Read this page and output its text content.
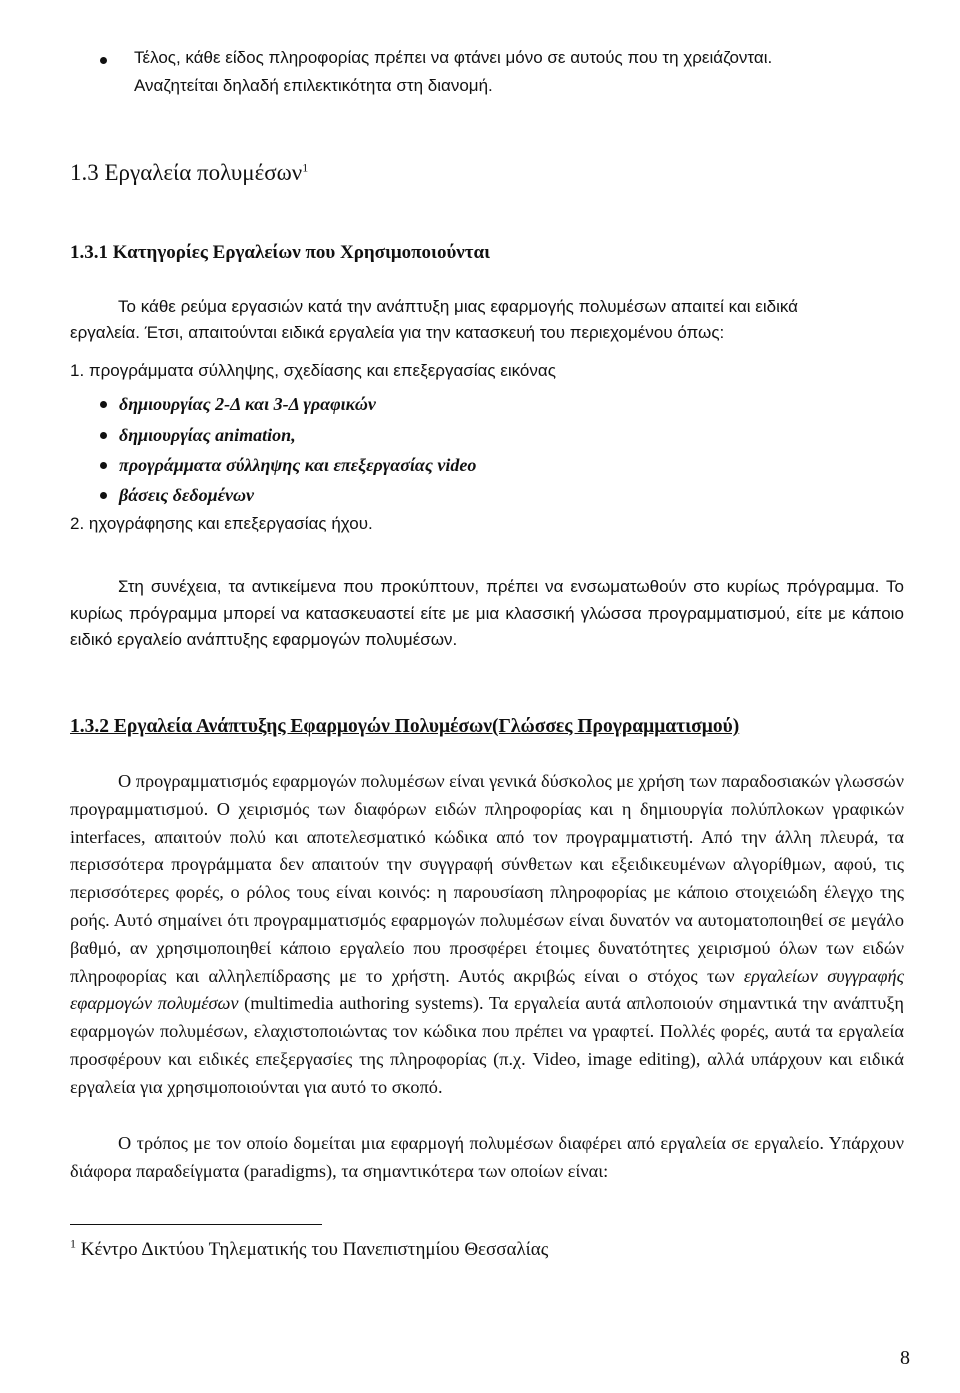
Τέλος, κάθε είδος πληροφορίας πρέπει να φτάνει μόνο σε αυτούς που τη χρειάζονται.

Αναζητείται δηλαδή επιλεκτικότητα στη διανομή.

1.3 Εργαλεία πολυμέσων$^1$
1.3.1 Κατηγορίες Εργαλείων που Χρησιμοποιούνται

Το κάθε ρεύμα εργασιών κατά την ανάπτυξη μιας εφαρμογής πολυμέσων απαιτεί και ειδικά

εργαλεία. Έτσι, απαιτούνται ειδικά εργαλεία για την κατασκευή του περιεχομένου όπως:

1. προγράμματα σύλληψης, σχεδίασης και επεξεργασίας εικόνας

δημιουργίας 2-Δ και 3-Δ γραφικών
δημιουργίας animation,
προγράμματα σύλληψης και επεξεργασίας video
βάσεις δεδομένων

2. ηχογράφησης και επεξεργασίας ήχου.

Στη συνέχεια, τα αντικείμενα που προκύπτουν, πρέπει να ενσωματωθούν στο κυρίως πρόγραμμα. Το κυρίως πρόγραμμα μπορεί να κατασκευαστεί είτε με μια κλασσική γλώσσα προγραμματισμού, είτε με κάποιο ειδικό εργαλείο ανάπτυξης εφαρμογών πολυμέσων.

1.3.2 Εργαλεία Ανάπτυξης Εφαρμογών Πολυμέσων(Γλώσσες Προγραμματισμού)

Ο προγραμματισμός εφαρμογών πολυμέσων είναι γενικά δύσκολος με χρήση των παραδοσιακών γλωσσών προγραμματισμού. Ο χειρισμός των διαφόρων ειδών πληροφορίας και η δημιουργία πολύπλοκων γραφικών interfaces, απαιτούν πολύ και αποτελεσματικό κώδικα από τον προγραμματιστή. Από την άλλη πλευρά, τα περισσότερα προγράμματα δεν απαιτούν την συγγραφή σύνθετων και εξειδικευμένων αλγορίθμων, αφού, τις περισσότερες φορές, ο ρόλος τους είναι κοινός: η παρουσίαση πληροφορίας με κάποιο στοιχειώδη έλεγχο της ροής. Αυτό σημαίνει ότι προγραμματισμός εφαρμογών πολυμέσων είναι δυνατόν να αυτοματοποιηθεί σε μεγάλο βαθμό, αν χρησιμοποιηθεί κάποιο εργαλείο που προσφέρει έτοιμες δυνατότητες χειρισμού όλων των ειδών πληροφορίας και αλληλεπίδρασης με το χρήστη. Αυτός ακριβώς είναι ο στόχος των εργαλείων συγγραφής εφαρμογών πολυμέσων (multimedia authoring systems). Τα εργαλεία αυτά απλοποιούν σημαντικά την ανάπτυξη εφαρμογών πολυμέσων, ελαχιστοποιώντας τον κώδικα που πρέπει να γραφτεί. Πολλές φορές, αυτά τα εργαλεία προσφέρουν και ειδικές επεξεργασίες της πληροφορίας (π.χ. Video, image editing), αλλά υπάρχουν και ειδικά εργαλεία για χρησιμοποιούνται για αυτό το σκοπό.

Ο τρόπος με τον οποίο δομείται μια εφαρμογή πολυμέσων διαφέρει από εργαλεία σε εργαλείο. Υπάρχουν διάφορα παραδείγματα (paradigms), τα σημαντικότερα των οποίων είναι:

$^1$ Κέντρο Δικτύου Τηλεματικής του Πανεπιστημίου Θεσσαλίας

8
